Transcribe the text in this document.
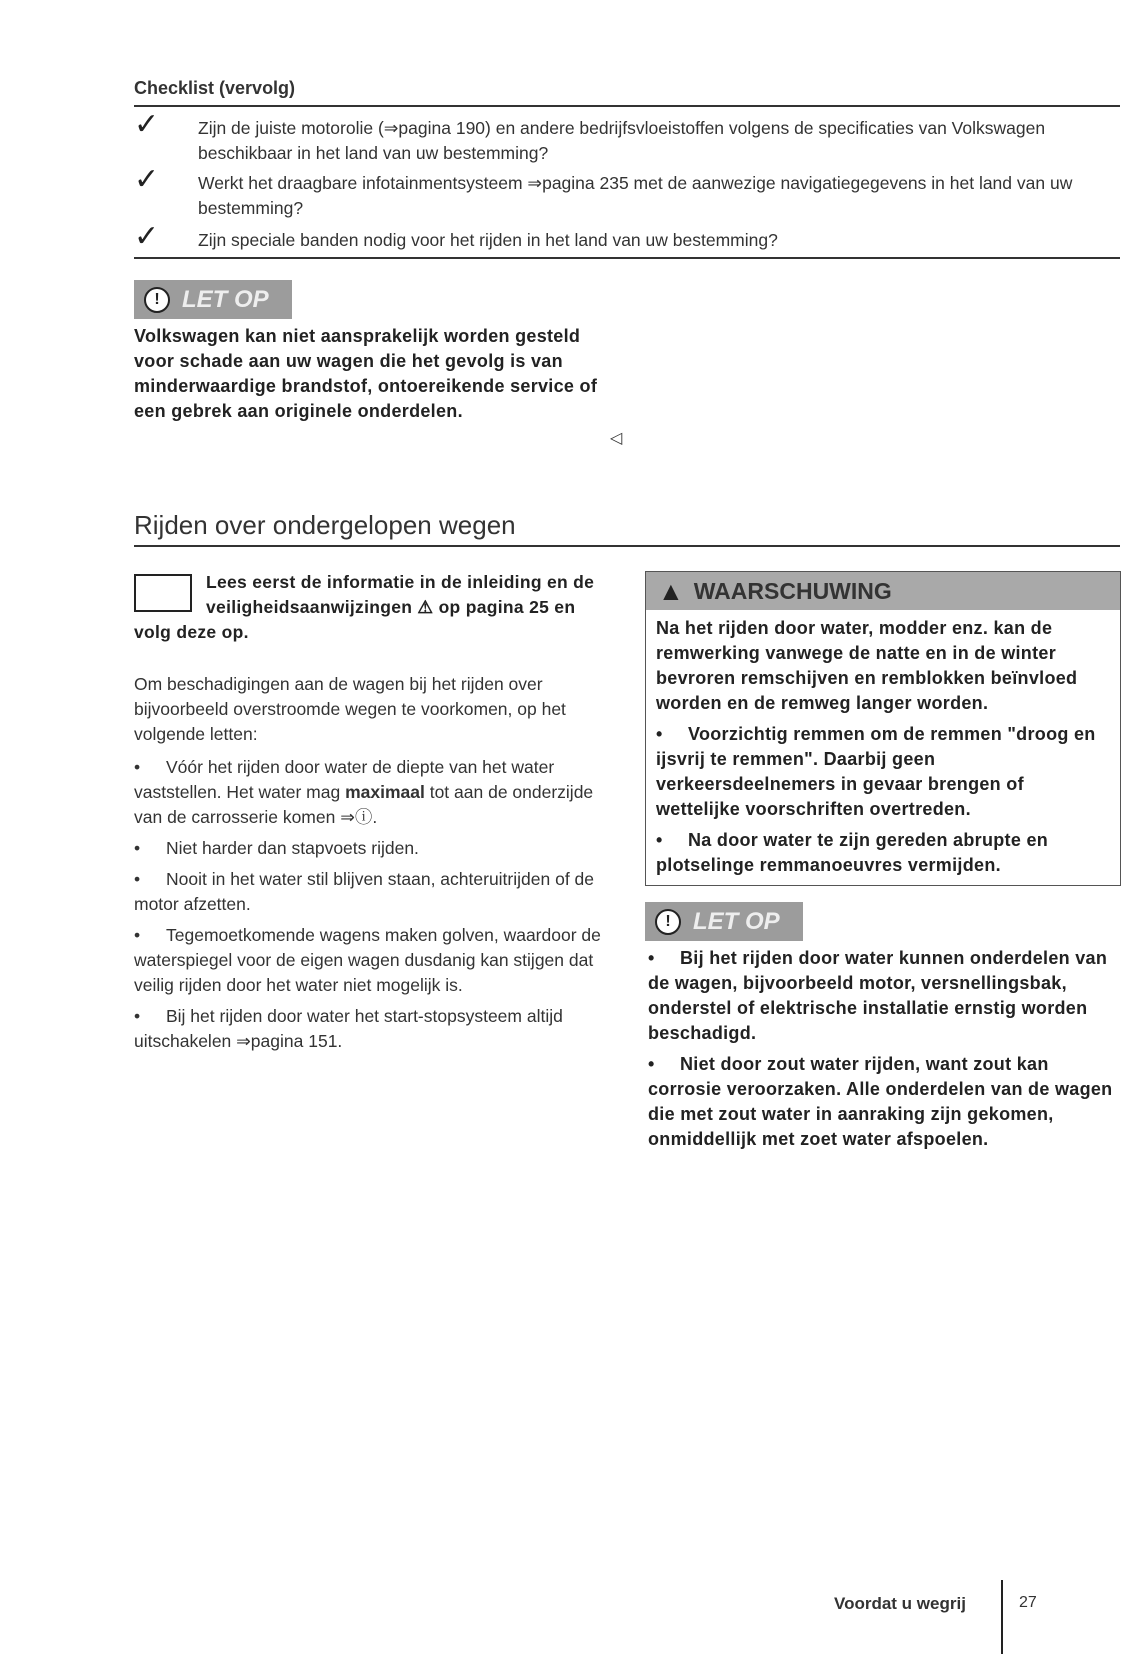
Checklist (vervolg)
✓ Zijn de juiste motorolie (⇒pagina 190) en andere bedrijfsvloeistoffen volgens de specificaties van Volkswagen beschikbaar in het land van uw bestemming?
✓ Werkt het draagbare infotainmentsysteem ⇒pagina 235 met de aanwezige navigatiegegevens in het land van uw bestemming?
✓ Zijn speciale banden nodig voor het rijden in het land van uw bestemming?
! LET OP
Volkswagen kan niet aansprakelijk worden gesteld voor schade aan uw wagen die het gevolg is van minderwaardige brandstof, ontoereikende service of een gebrek aan originele onderdelen.
◁
Rijden over ondergelopen wegen

Lees eerst de informatie in de inleiding en de veiligheidsaanwijzingen ⚠ op pagina 25 en volg deze op.

Om beschadigingen aan de wagen bij het rijden over bijvoorbeeld overstroomde wegen te voorkomen, op het volgende letten:

• Vóór het rijden door water de diepte van het water vaststellen. Het water mag maximaal tot aan de onderzijde van de carrosserie komen ⇒ⓘ.

• Niet harder dan stapvoets rijden.

• Nooit in het water stil blijven staan, achteruitrijden of de motor afzetten.

• Tegemoetkomende wagens maken golven, waardoor de waterspiegel voor de eigen wagen dusdanig kan stijgen dat veilig rijden door het water niet mogelijk is.

• Bij het rijden door water het start-stopsysteem altijd uitschakelen ⇒pagina 151.

▲ WAARSCHUWING

Na het rijden door water, modder enz. kan de remwerking vanwege de natte en in de winter bevroren remschijven en remblokken beïnvloed worden en de remweg langer worden.

• Voorzichtig remmen om de remmen "droog en ijsvrij te remmen". Daarbij geen verkeersdeelnemers in gevaar brengen of wettelijke voorschriften overtreden.

• Na door water te zijn gereden abrupte en plotselinge remmanoeuvres vermijden.

! LET OP

• Bij het rijden door water kunnen onderdelen van de wagen, bijvoorbeeld motor, versnellingsbak, onderstel of elektrische installatie ernstig worden beschadigd.

• Niet door zout water rijden, want zout kan corrosie veroorzaken. Alle onderdelen van de wagen die met zout water in aanraking zijn gekomen, onmiddellijk met zoet water afspoelen.

Voordat u wegrij	27
